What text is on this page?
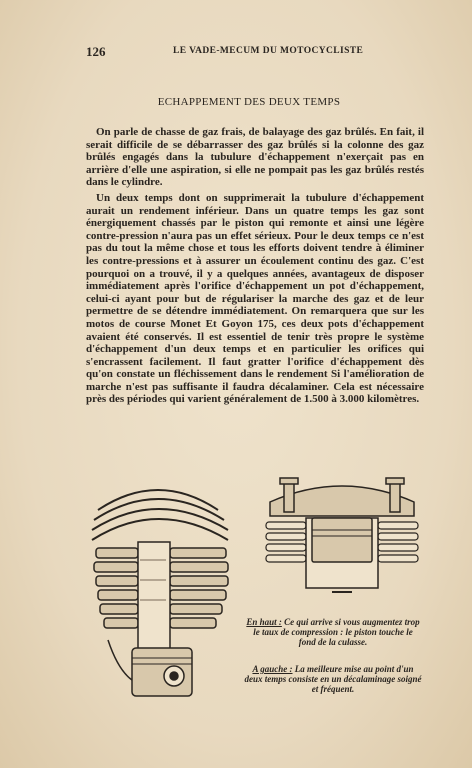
126	LE VADE-MECUM DU MOTOCYCLISTE
ECHAPPEMENT DES DEUX TEMPS

On parle de chasse de gaz frais, de balayage des gaz brûlés. En fait, il serait difficile de se débarrasser des gaz brûlés si la colonne des gaz brûlés engagés dans la tubulure d'échappement n'exerçait pas en arrière d'elle une aspiration, si elle ne pompait pas les gaz brûlés restés dans le cylindre.

Un deux temps dont on supprimerait la tubulure d'échappement aurait un rendement inférieur. Dans un quatre temps les gaz sont énergiquement chassés par le piston qui remonte et ainsi une légère contre-pression n'aura pas un effet sérieux. Pour le deux temps ce n'est pas du tout la même chose et tous les efforts doivent tendre à éliminer les contre-pressions et à assurer un écoulement continu des gaz. C'est pourquoi on a trouvé, il y a quelques années, avantageux de disposer immédiatement après l'orifice d'échappement un pot d'échappement, celui-ci ayant pour but de régulariser la marche des gaz et de leur permettre de se détendre immédiatement. On remarquera que sur les motos de course Monet Et Goyon 175, ces deux pots d'échappement avaient été conservés. Il est essentiel de tenir très propre le système d'échappement d'un deux temps et en particulier les orifices qui s'encrassent facilement. Il faut gratter l'orifice d'échappement dès qu'on constate un fléchissement dans le rendement Si l'amélioration de marche n'est pas suffisante il faudra décalaminer. Cela est nécessaire près des périodes qui varient généralement de 1.500 à 3.000 kilomètres.

En haut : Ce qui arrive si vous augmentez trop le taux de compression : le piston touche le fond de la culasse.
A gauche : La meilleure mise au point d'un deux temps consiste en un décalaminage soigné et fréquent.
